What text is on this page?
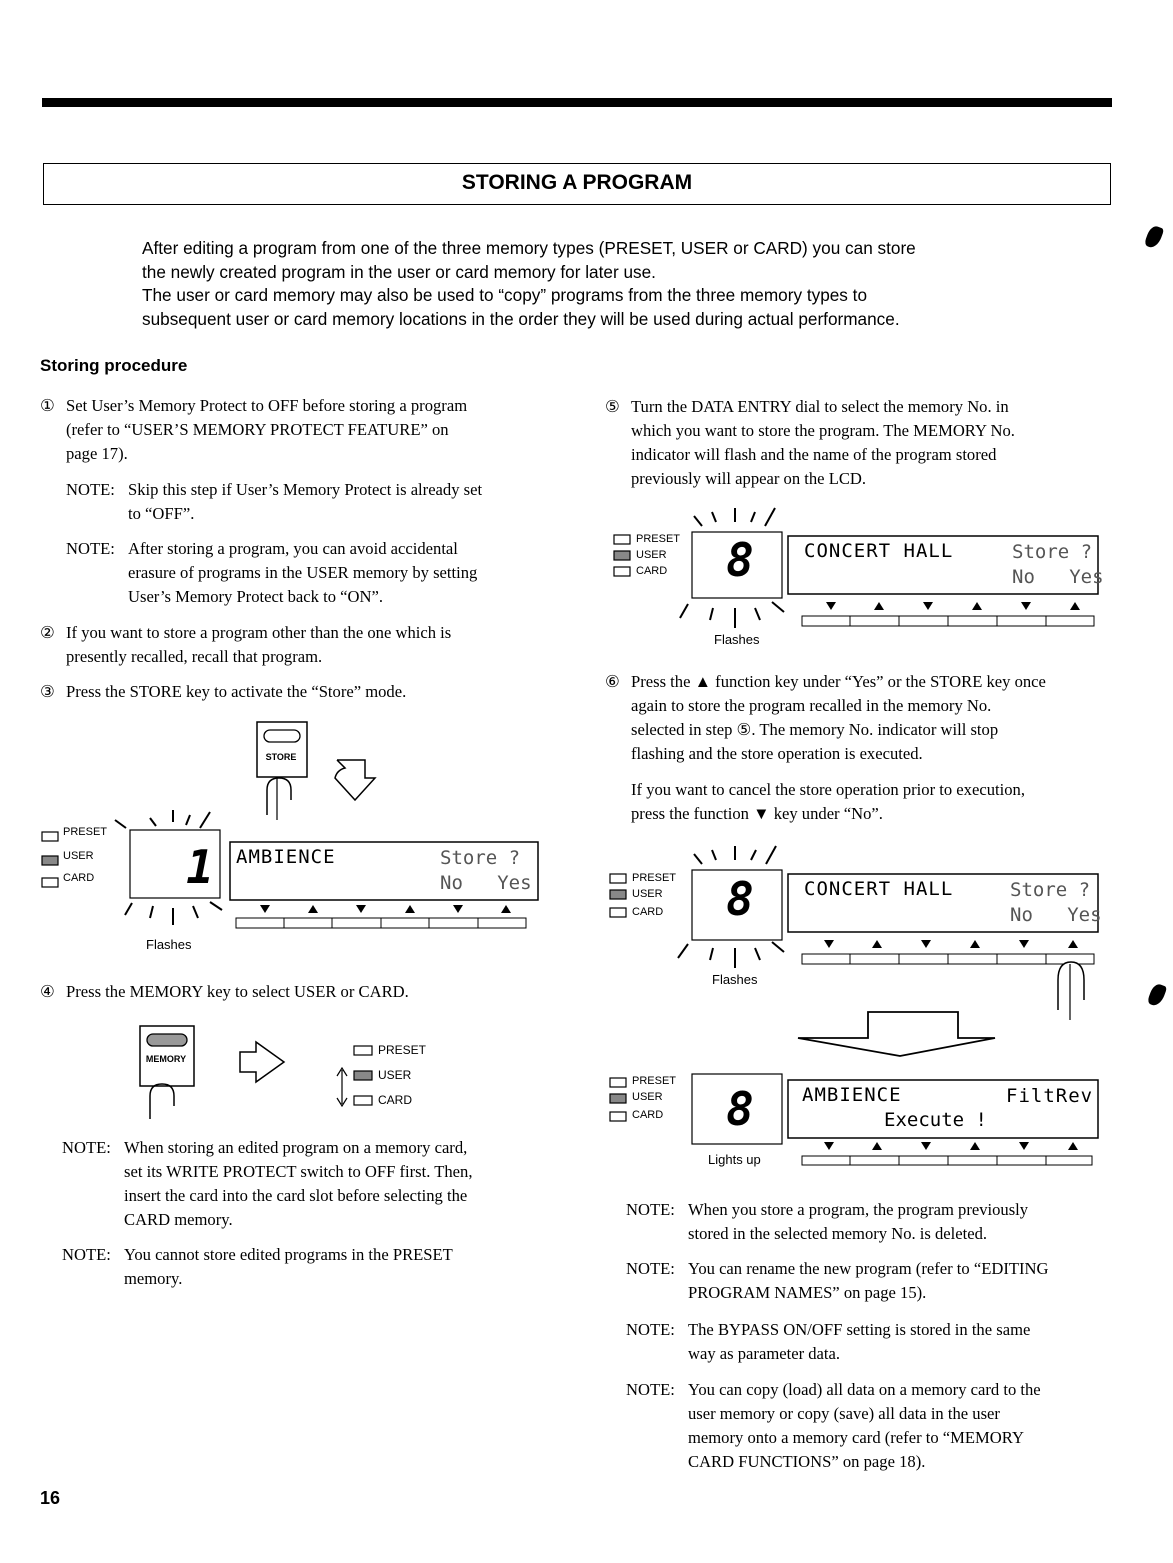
STORING A PROGRAM

After editing a program from one of the three memory types (PRESET, USER or CARD) you can store

the newly created program in the user or card memory for later use.

The user or card memory may also be used to “copy” programs from the three memory types to

subsequent user or card memory locations in the order they will be used during actual performance.

Storing procedure
① Set User’s Memory Protect to OFF before storing a program
(refer to “USER’S MEMORY PROTECT FEATURE” on
page 17).
NOTE: Skip this step if User’s Memory Protect is already set
to “OFF”.
NOTE: After storing a program, you can avoid accidental
erasure of programs in the USER memory by setting
User’s Memory Protect back to “ON”.
② If you want to store a program other than the one which is
presently recalled, recall that program.
③ Press the STORE key to activate the “Store” mode.
STORE
PRESET
USER
CARD 1	AMBIENCE	Store ?
No   Yes
Flashes
④ Press the MEMORY key to select USER or CARD.
MEMORY
PRESET
USER
CARD
NOTE: When storing an edited program on a memory card,
set its WRITE PROTECT switch to OFF first. Then,
insert the card into the card slot before selecting the
CARD memory.
NOTE: You cannot store edited programs in the PRESET
memory.
⑤ Turn the DATA ENTRY dial to select the memory No. in
which you want to store the program. The MEMORY No.
indicator will flash and the name of the program stored
previously will appear on the LCD.
PRESET
USER
CARD 8	CONCERT HALL	Store ?
No   Yes
Flashes
⑥ Press the ▲ function key under “Yes” or the STORE key once
again to store the program recalled in the memory No.
selected in step ⑤. The memory No. indicator will stop
flashing and the store operation is executed.
If you want to cancel the store operation prior to execution,
press the function ▼ key under “No”.
PRESET
USER
CARD 8	CONCERT HALL	Store ?
No   Yes
Flashes
PRESET
USER
CARD 8	AMBIENCE	FiltRev
Execute !
Lights up
NOTE: When you store a program, the program previously
stored in the selected memory No. is deleted.
NOTE: You can rename the new program (refer to “EDITING
PROGRAM NAMES” on page 15).
NOTE: The BYPASS ON/OFF setting is stored in the same
way as parameter data.
NOTE: You can copy (load) all data on a memory card to the
user memory or copy (save) all data in the user
memory onto a memory card (refer to “MEMORY
CARD FUNCTIONS” on page 18).
16
